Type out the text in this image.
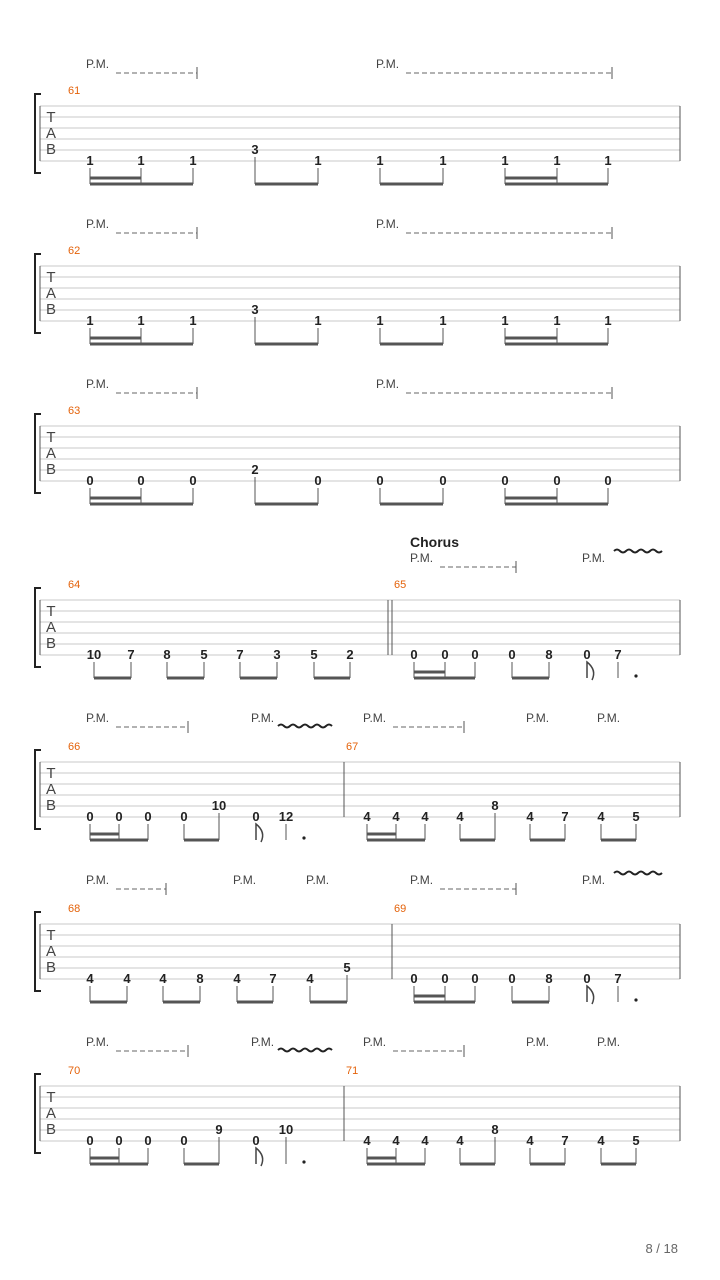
T
A
B
P.M.	P.M.
61
1	1	1
3
1	1	1	1	1	1
T
A
B
P.M.	P.M.
62
1	1	1
3
1	1	1	1	1	1
T
A
B
P.M.	P.M.
63
0	0	0
2
0	0	0	0	0	0
T
A
B
Chorus
P.M.	P.M.
64
10 7 8 5 7 3 5 2
65
0 0 0 0 8 0 7
T
A
B
P.M.	P.M.	P.M.	P.M.	P.M.
66
0 0 0 0
10
0 12
67
4 4 4 4
8
4 7 4 5
T
A
B
P.M.	P.M.	P.M.	P.M.	P.M.
68
4 4 4 8 4 7 4
5
69
0 0 0 0 8 0 7
T
A
B
P.M.	P.M.	P.M.	P.M.	P.M.
70
0 0 0 0
9
0
10
71
4 4 4 4
8
4 7 4 5
8 / 18
